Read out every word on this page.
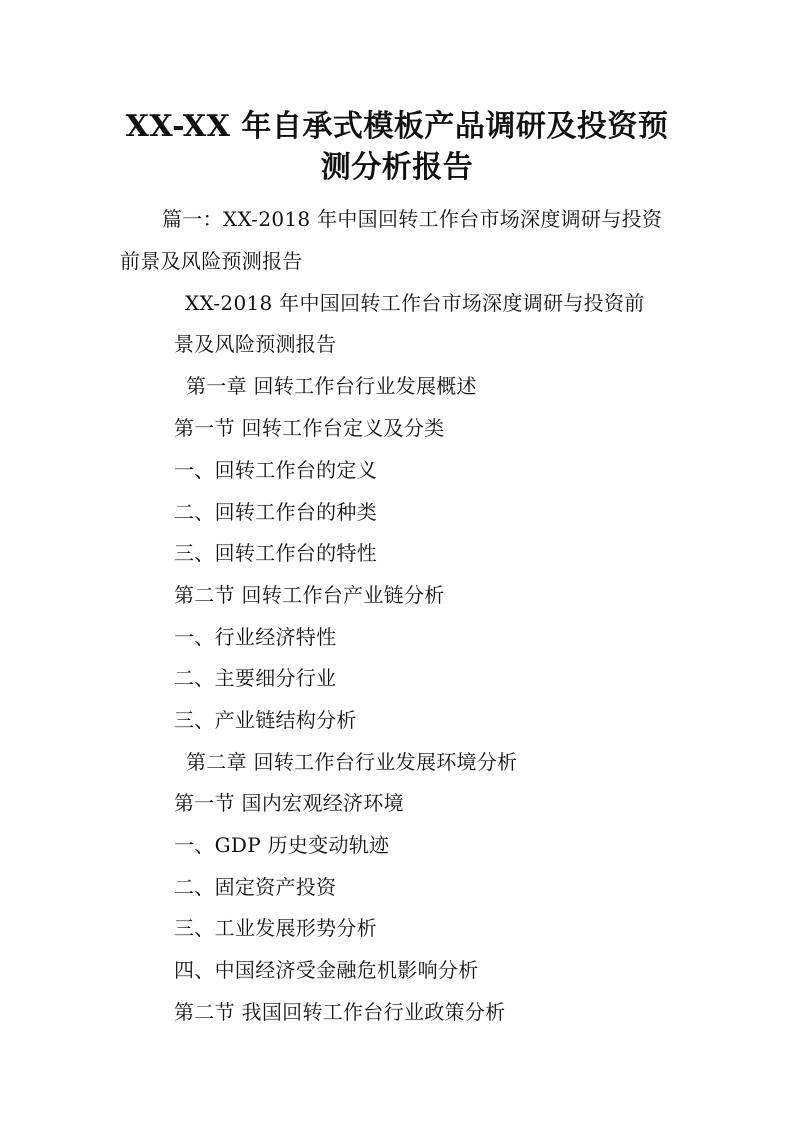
XX-XX 年自承式模板产品调研及投资预
测分析报告
篇一：XX-2018 年中国回转工作台市场深度调研与投资
前景及风险预测报告
XX-2018 年中国回转工作台市场深度调研与投资前
景及风险预测报告
第一章 回转工作台行业发展概述
第一节 回转工作台定义及分类
一、回转工作台的定义
二、回转工作台的种类
三、回转工作台的特性
第二节 回转工作台产业链分析
一、行业经济特性
二、主要细分行业
三、产业链结构分析
第二章 回转工作台行业发展环境分析
第一节 国内宏观经济环境
一、GDP 历史变动轨迹
二、固定资产投资
三、工业发展形势分析
四、中国经济受金融危机影响分析
第二节 我国回转工作台行业政策分析
